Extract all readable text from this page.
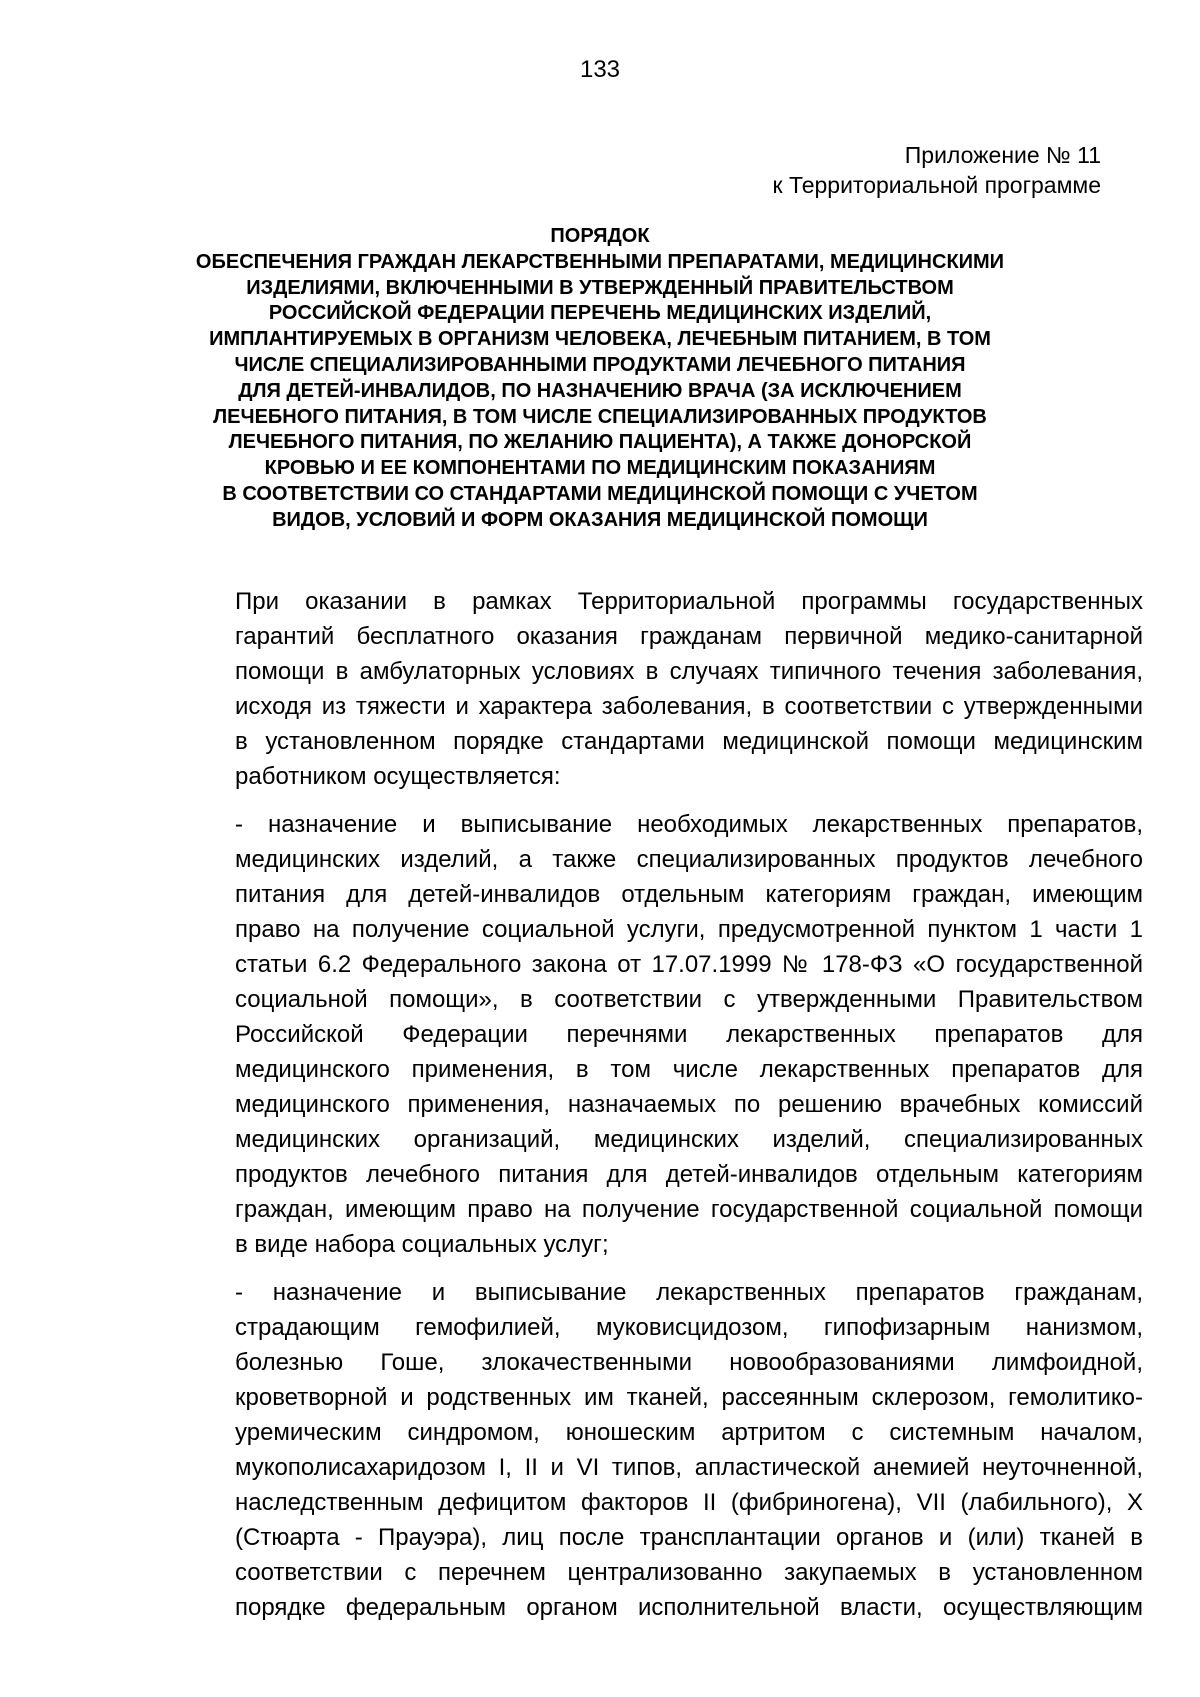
133
Приложение № 11
к Территориальной программе
ПОРЯДОК
ОБЕСПЕЧЕНИЯ ГРАЖДАН ЛЕКАРСТВЕННЫМИ ПРЕПАРАТАМИ, МЕДИЦИНСКИМИ
ИЗДЕЛИЯМИ, ВКЛЮЧЕННЫМИ В УТВЕРЖДЕННЫЙ ПРАВИТЕЛЬСТВОМ
РОССИЙСКОЙ ФЕДЕРАЦИИ ПЕРЕЧЕНЬ МЕДИЦИНСКИХ ИЗДЕЛИЙ,
ИМПЛАНТИРУЕМЫХ В ОРГАНИЗМ ЧЕЛОВЕКА, ЛЕЧЕБНЫМ ПИТАНИЕМ, В ТОМ
ЧИСЛЕ СПЕЦИАЛИЗИРОВАННЫМИ ПРОДУКТАМИ ЛЕЧЕБНОГО ПИТАНИЯ
ДЛЯ ДЕТЕЙ-ИНВАЛИДОВ, ПО НАЗНАЧЕНИЮ ВРАЧА (ЗА ИСКЛЮЧЕНИЕМ
ЛЕЧЕБНОГО ПИТАНИЯ, В ТОМ ЧИСЛЕ СПЕЦИАЛИЗИРОВАННЫХ ПРОДУКТОВ
ЛЕЧЕБНОГО ПИТАНИЯ, ПО ЖЕЛАНИЮ ПАЦИЕНТА), А ТАКЖЕ ДОНОРСКОЙ
КРОВЬЮ И ЕЕ КОМПОНЕНТАМИ ПО МЕДИЦИНСКИМ ПОКАЗАНИЯМ
В СООТВЕТСТВИИ СО СТАНДАРТАМИ МЕДИЦИНСКОЙ ПОМОЩИ С УЧЕТОМ
ВИДОВ, УСЛОВИЙ И ФОРМ ОКАЗАНИЯ МЕДИЦИНСКОЙ ПОМОЩИ
При оказании в рамках Территориальной программы государственных
гарантий бесплатного оказания гражданам первичной медико-санитарной
помощи в амбулаторных условиях в случаях типичного течения заболевания,
исходя из тяжести и характера заболевания, в соответствии с утвержденными
в установленном порядке стандартами медицинской помощи медицинским
работником осуществляется:
- назначение и выписывание необходимых лекарственных препаратов,
медицинских изделий, а также специализированных продуктов лечебного
питания для детей-инвалидов отдельным категориям граждан, имеющим
право на получение социальной услуги, предусмотренной пунктом 1 части 1
статьи 6.2 Федерального закона от 17.07.1999 № 178-ФЗ «О государственной
социальной помощи», в соответствии с утвержденными Правительством
Российской Федерации перечнями лекарственных препаратов для
медицинского применения, в том числе лекарственных препаратов для
медицинского применения, назначаемых по решению врачебных комиссий
медицинских организаций, медицинских изделий, специализированных
продуктов лечебного питания для детей-инвалидов отдельным категориям
граждан, имеющим право на получение государственной социальной помощи
в виде набора социальных услуг;
- назначение и выписывание лекарственных препаратов гражданам,
страдающим гемофилией, муковисцидозом, гипофизарным нанизмом,
болезнью Гоше, злокачественными новообразованиями лимфоидной,
кроветворной и родственных им тканей, рассеянным склерозом, гемолитико-
уремическим синдромом, юношеским артритом с системным началом,
мукополисахаридозом I, II и VI типов, апластической анемией неуточненной,
наследственным дефицитом факторов II (фибриногена), VII (лабильного), X
(Стюарта - Прауэра), лиц после трансплантации органов и (или) тканей в
соответствии с перечнем централизованно закупаемых в установленном
порядке федеральным органом исполнительной власти, осуществляющим
